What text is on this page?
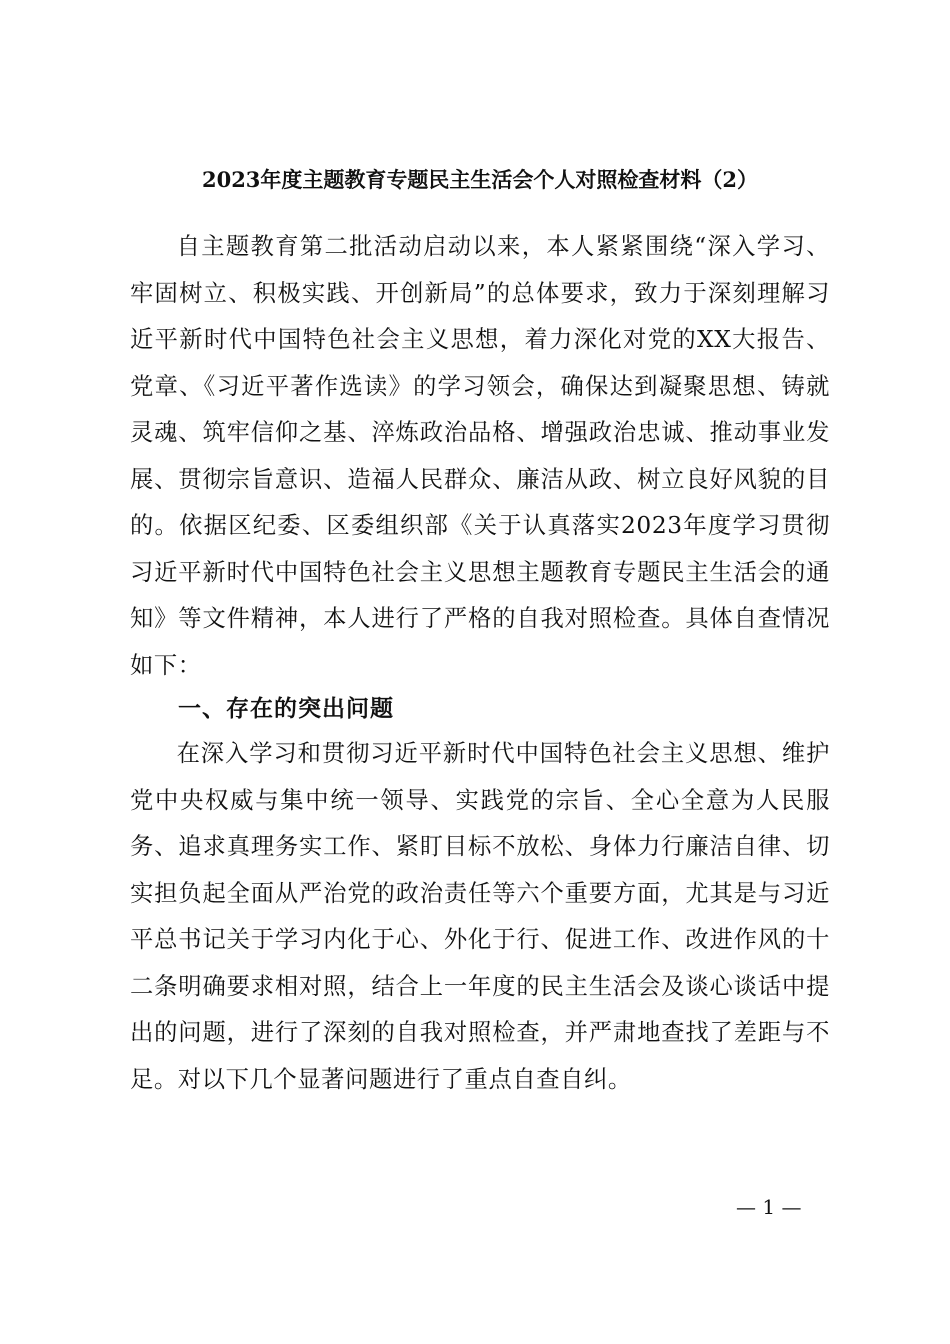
2023年度主题教育专题民主生活会个人对照检查材料（2）

自主题教育第二批活动启动以来，本人紧紧围绕“深入学习、牢固树立、积极实践、开创新局”的总体要求，致力于深刻理解习近平新时代中国特色社会主义思想，着力深化对党的XX大报告、党章、《习近平著作选读》的学习领会，确保达到凝聚思想、铸就灵魂、筑牢信仰之基、淬炼政治品格、增强政治忠诚、推动事业发展、贯彻宗旨意识、造福人民群众、廉洁从政、树立良好风貌的目的。依据区纪委、区委组织部《关于认真落实2023年度学习贯彻习近平新时代中国特色社会主义思想主题教育专题民主生活会的通知》等文件精神，本人进行了严格的自我对照检查。具体自查情况如下：

一、存在的突出问题

在深入学习和贯彻习近平新时代中国特色社会主义思想、维护党中央权威与集中统一领导、实践党的宗旨、全心全意为人民服务、追求真理务实工作、紧盯目标不放松、身体力行廉洁自律、切实担负起全面从严治党的政治责任等六个重要方面，尤其是与习近平总书记关于学习内化于心、外化于行、促进工作、改进作风的十二条明确要求相对照，结合上一年度的民主生活会及谈心谈话中提出的问题，进行了深刻的自我对照检查，并严肃地查找了差距与不足。对以下几个显著问题进行了重点自查自纠。

— 1 —
